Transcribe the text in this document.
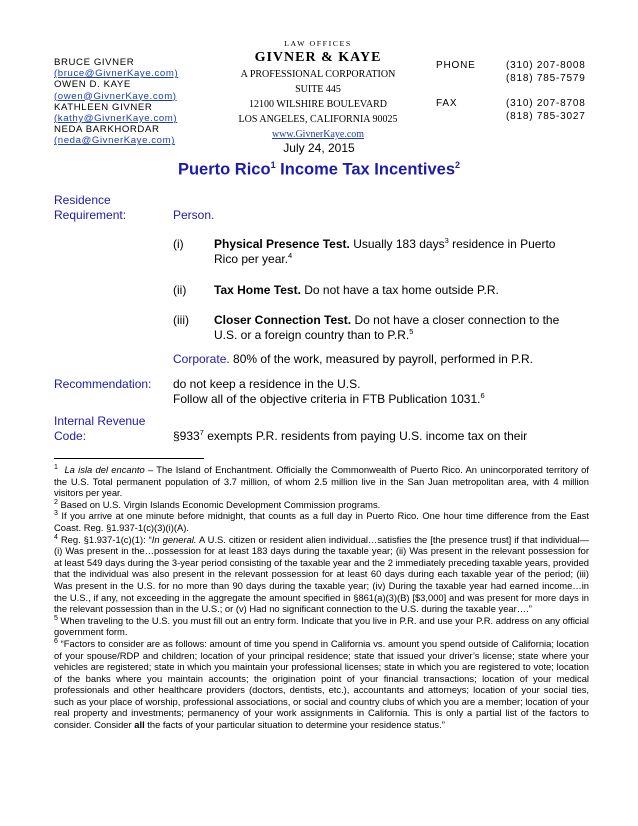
BRUCE GIVNER
(bruce@GivnerKaye.com)
OWEN D. KAYE
(owen@GivnerKaye.com)
KATHLEEN GIVNER
(kathy@GivnerKaye.com)
NEDA BARKHORDAR
(neda@GivnerKaye.com)
LAW OFFICES
GIVNER & KAYE
A PROFESSIONAL CORPORATION
SUITE 445
12100 WILSHIRE BOULEVARD
LOS ANGELES, CALIFORNIA 90025
www.GivnerKaye.com
PHONE	(310) 207-8008
(818) 785-7579
FAX	(310) 207-8708
(818) 785-3027
July 24, 2015
Puerto Rico$^1$ Income Tax Incentives$^2$
Residence
Requirement:	Person.
(i)	Physical Presence Test. Usually 183 days$^3$ residence in Puerto
Rico per year.$^4$
(ii) Tax Home Test. Do not have a tax home outside P.R.
(iii) Closer Connection Test. Do not have a closer connection to the
U.S. or a foreign country than to P.R.$^5$
Corporate. 80% of the work, measured by payroll, performed in P.R.
Recommendation: do not keep a residence in the U.S.
Follow all of the objective criteria in FTB Publication 1031.$^6$
Internal Revenue
Code:	§933$^7$ exempts P.R. residents from paying U.S. income tax on their

$^1$ La isla del encanto – The Island of Enchantment. Officially the Commonwealth of Puerto Rico. An unincorporated territory of the U.S. Total permanent population of 3.7 million, of whom 2.5 million live in the San Juan metropolitan area, with 4 million visitors per year.

$^2$ Based on U.S. Virgin Islands Economic Development Commission programs.

$^3$ If you arrive at one minute before midnight, that counts as a full day in Puerto Rico. One hour time difference from the East Coast. Reg. §1.937-1(c)(3)(i)(A).

$^4$ Reg. §1.937-1(c)(1): “In general. A U.S. citizen or resident alien individual…satisfies the [the presence trust] if that individual— (i) Was present in the…possession for at least 183 days during the taxable year; (ii) Was present in the relevant possession for at least 549 days during the 3-year period consisting of the taxable year and the 2 immediately preceding taxable years, provided that the individual was also present in the relevant possession for at least 60 days during each taxable year of the period; (iii) Was present in the U.S. for no more than 90 days during the taxable year; (iv) During the taxable year had earned income…in the U.S., if any, not exceeding in the aggregate the amount specified in §861(a)(3)(B) [$3,000] and was present for more days in the relevant possession than in the U.S.; or (v) Had no significant connection to the U.S. during the taxable year….”

$^5$ When traveling to the U.S. you must fill out an entry form. Indicate that you live in P.R. and use your P.R. address on any official government form.

$^6$ “Factors to consider are as follows: amount of time you spend in California vs. amount you spend outside of California; location of your spouse/RDP and children; location of your principal residence; state that issued your driver’s license; state where your vehicles are registered; state in which you maintain your professional licenses; state in which you are registered to vote; location of the banks where you maintain accounts; the origination point of your financial transactions; location of your medical professionals and other healthcare providers (doctors, dentists, etc.), accountants and attorneys; location of your social ties, such as your place of worship, professional associations, or social and country clubs of which you are a member; location of your real property and investments; permanency of your work assignments in California. This is only a partial list of the factors to consider. Consider all the facts of your particular situation to determine your residence status.”
